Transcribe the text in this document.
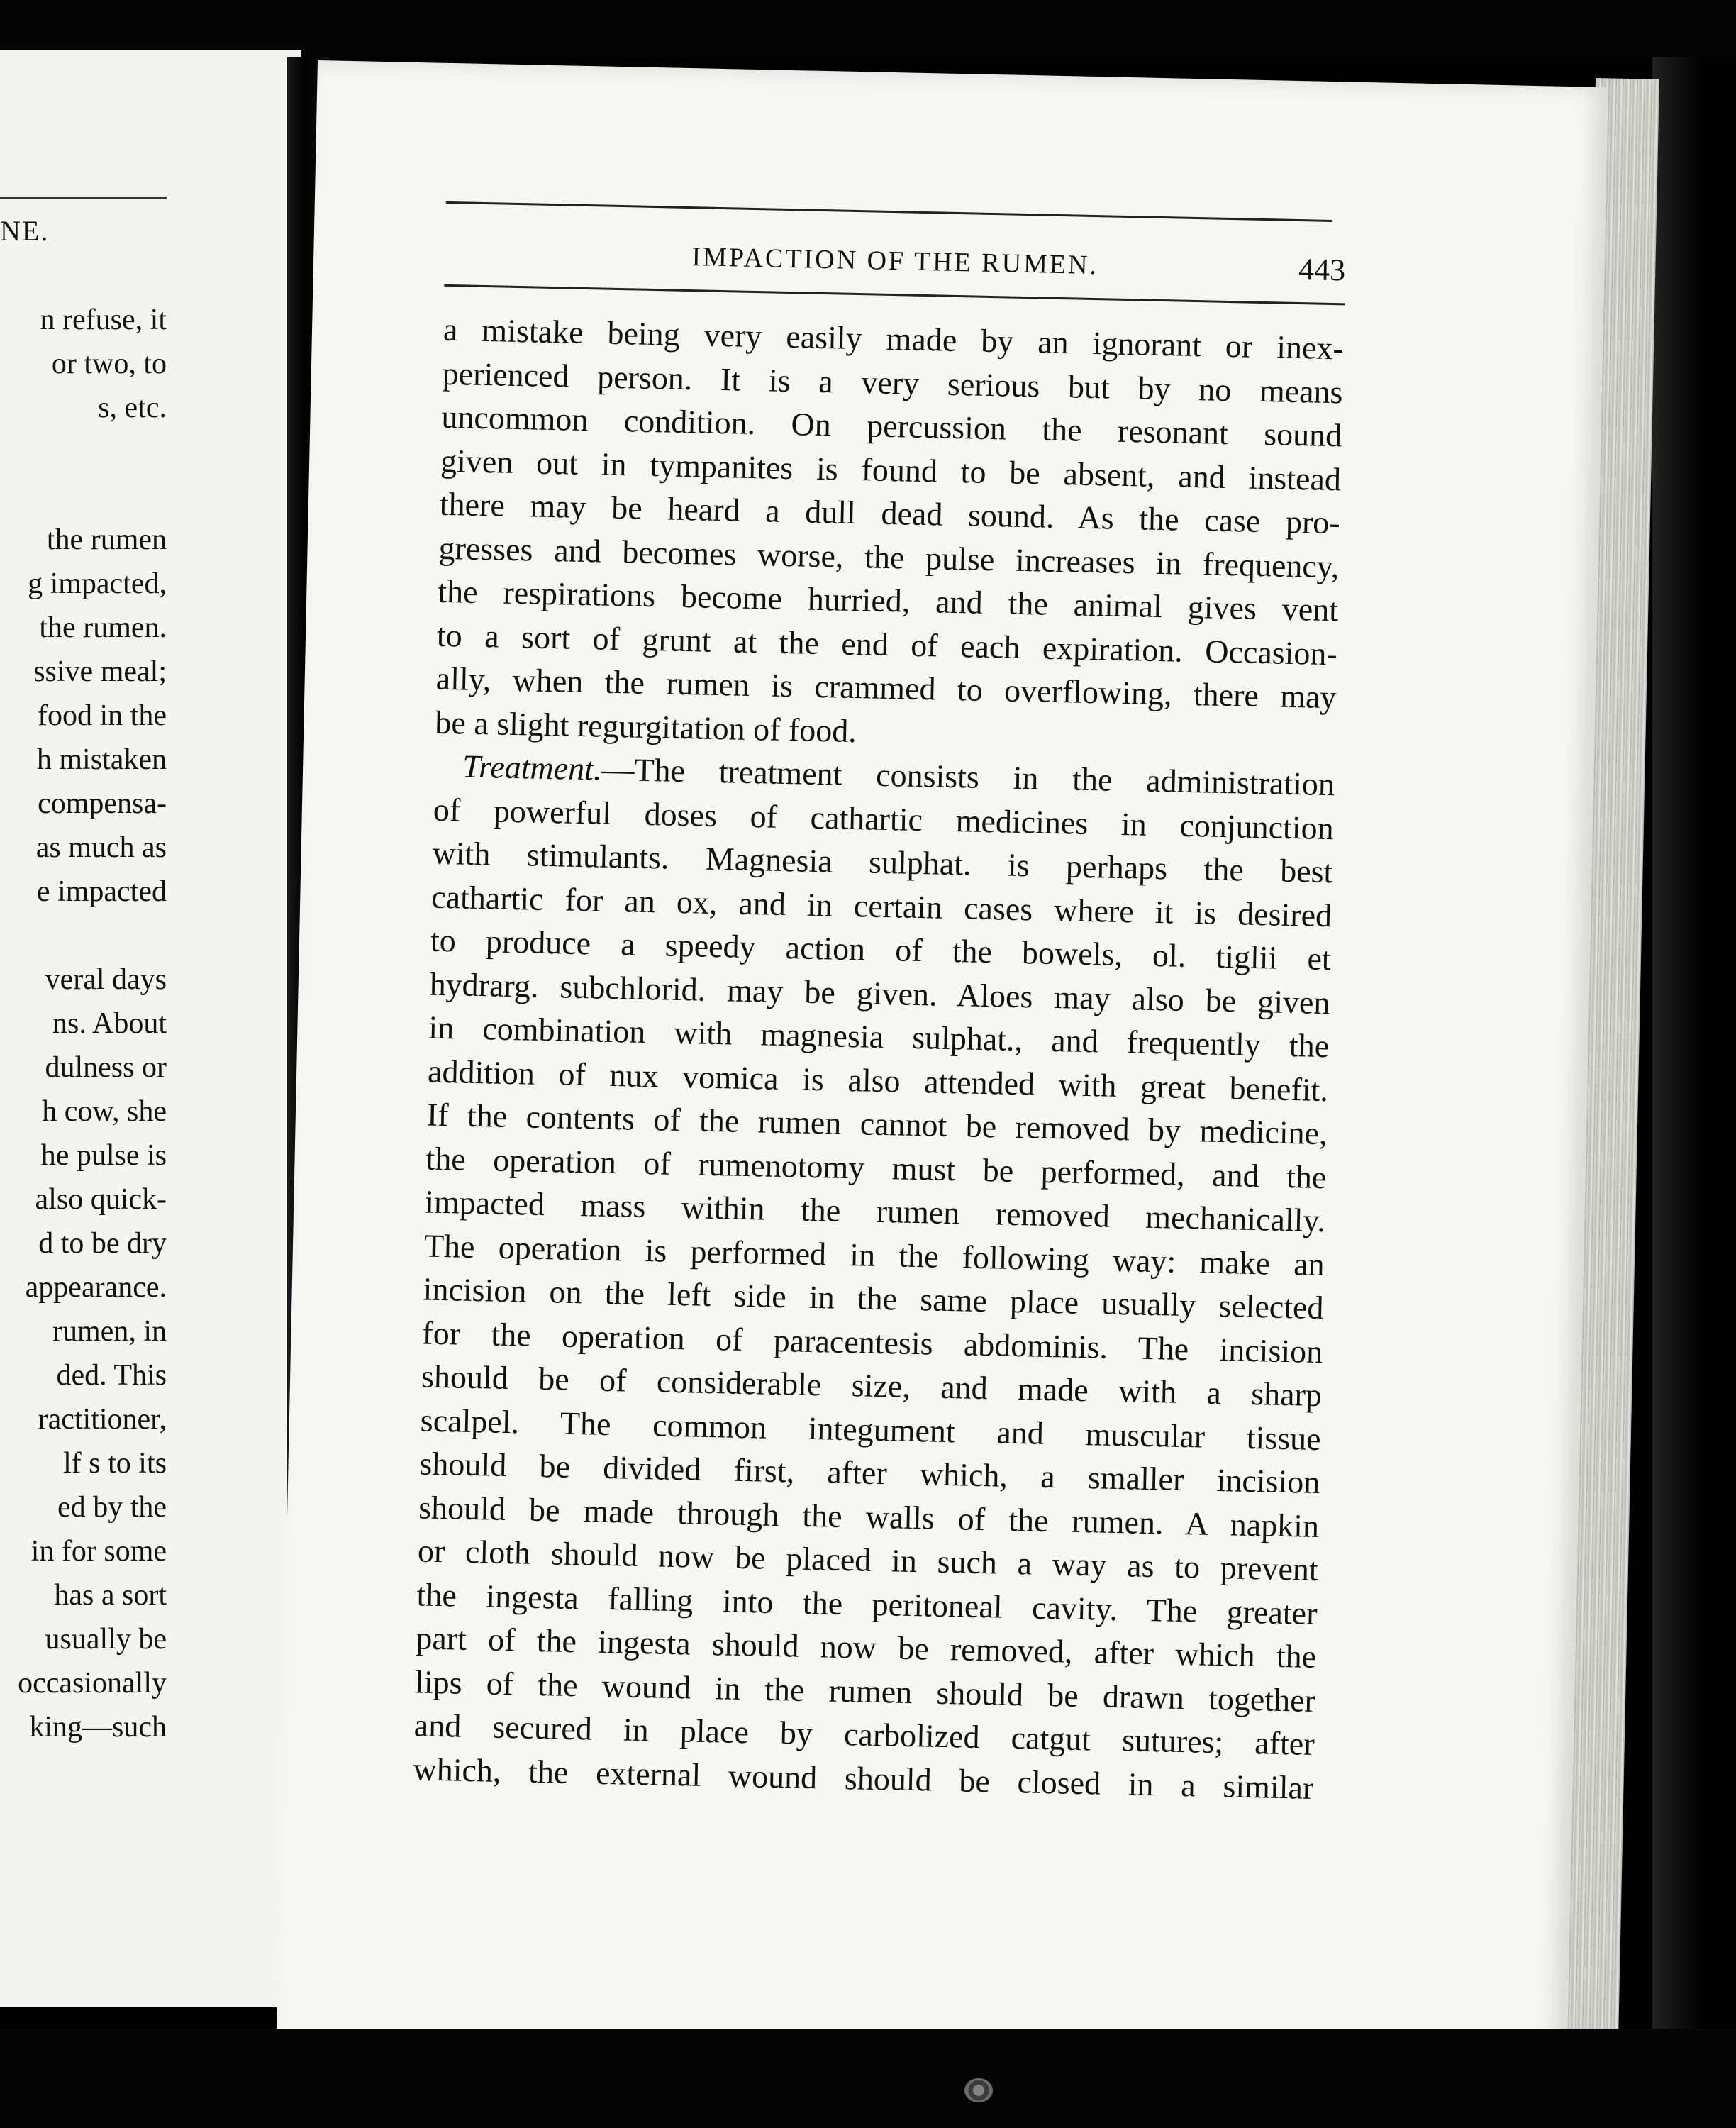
NE.
n refuse, it
or two, to
s, etc.
the rumen
g impacted,
the rumen.
ssive meal;
food in the
h mistaken
compensa-
as much as
e impacted
veral days
ns. About
dulness or
h cow, she
he pulse is
also quick-
d to be dry
appearance.
rumen, in
ded. This
ractitioner,
lf s to its
ed by the
in for some
has a sort
usually be
occasionally
king—such
IMPACTION OF THE RUMEN.	443
a mistake being very easily made by an ignorant or inex-
perienced person. It is a very serious but by no means
uncommon condition. On percussion the resonant sound
given out in tympanites is found to be absent, and instead
there may be heard a dull dead sound. As the case pro-
gresses and becomes worse, the pulse increases in frequency,
the respirations become hurried, and the animal gives vent
to a sort of grunt at the end of each expiration. Occasion-
ally, when the rumen is crammed to overflowing, there may
be a slight regurgitation of food.
Treatment.—The treatment consists in the administration
of powerful doses of cathartic medicines in conjunction
with stimulants. Magnesia sulphat. is perhaps the best
cathartic for an ox, and in certain cases where it is desired
to produce a speedy action of the bowels, ol. tiglii et
hydrarg. subchlorid. may be given. Aloes may also be given
in combination with magnesia sulphat., and frequently the
addition of nux vomica is also attended with great benefit.
If the contents of the rumen cannot be removed by medicine,
the operation of rumenotomy must be performed, and the
impacted mass within the rumen removed mechanically.
The operation is performed in the following way: make an
incision on the left side in the same place usually selected
for the operation of paracentesis abdominis. The incision
should be of considerable size, and made with a sharp
scalpel. The common integument and muscular tissue
should be divided first, after which, a smaller incision
should be made through the walls of the rumen. A napkin
or cloth should now be placed in such a way as to prevent
the ingesta falling into the peritoneal cavity. The greater
part of the ingesta should now be removed, after which the
lips of the wound in the rumen should be drawn together
and secured in place by carbolized catgut sutures; after
which, the external wound should be closed in a similar
